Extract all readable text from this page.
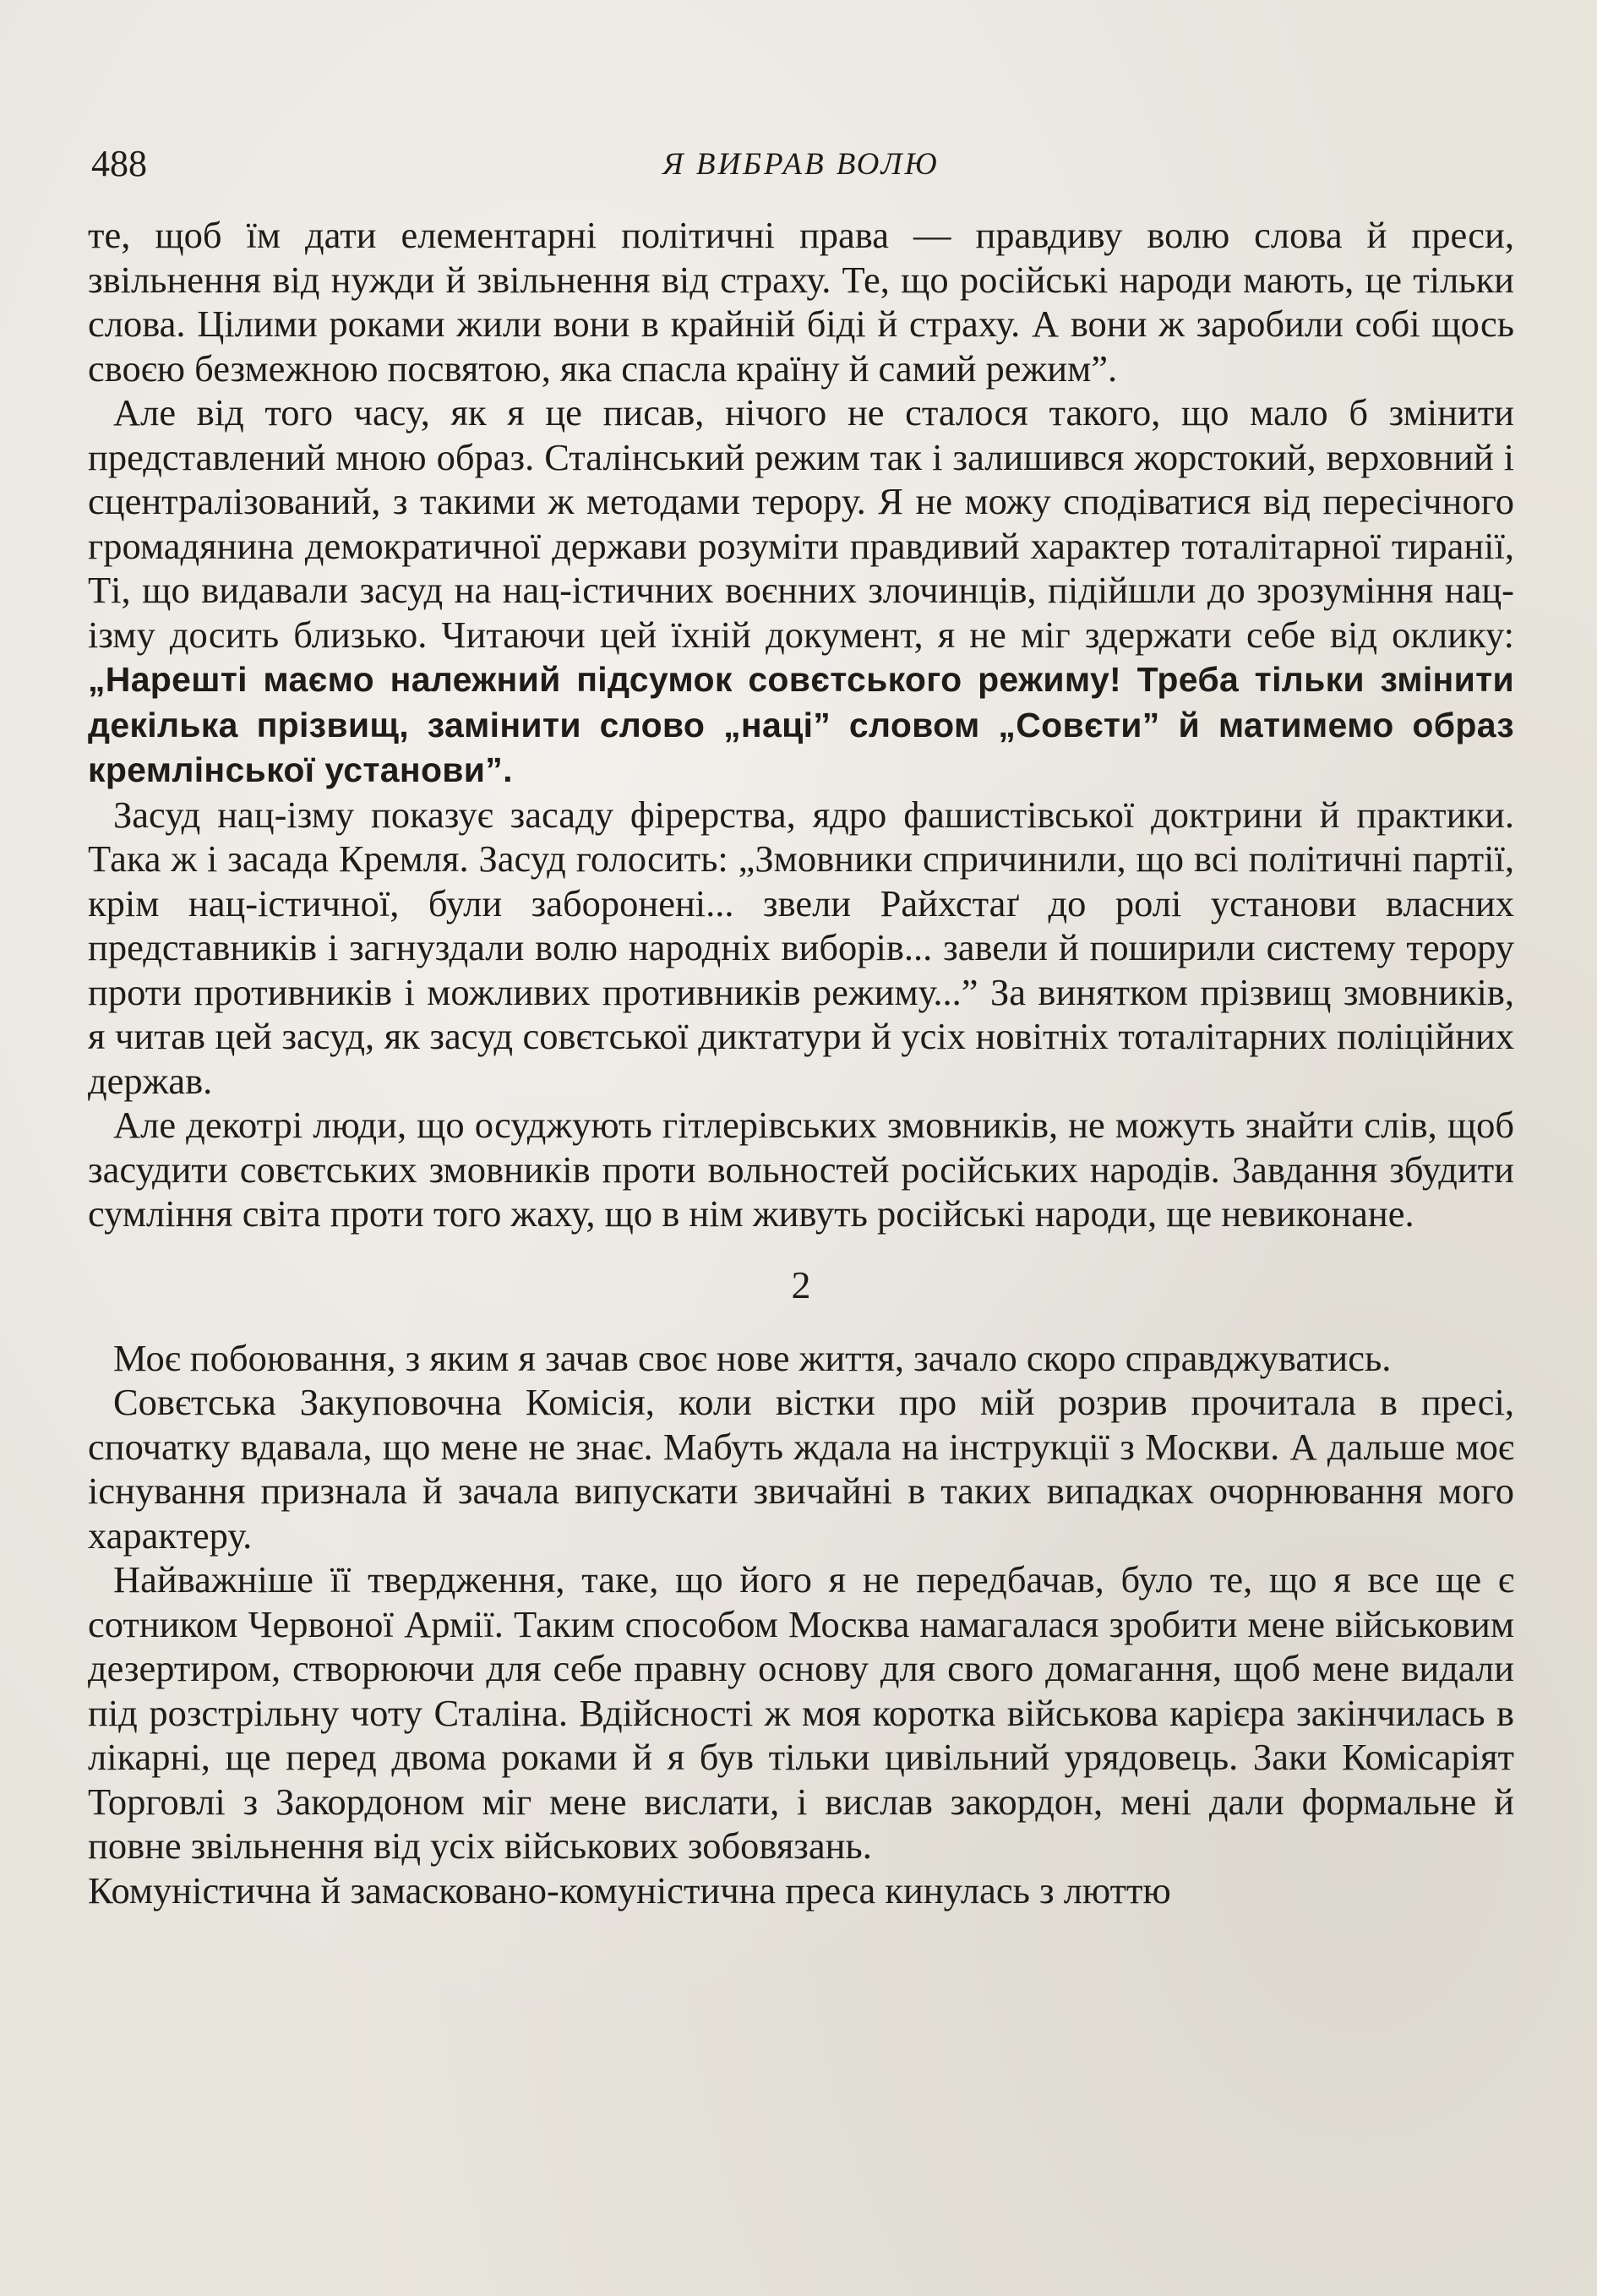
488	Я ВИБРАВ ВОЛЮ

те, щоб їм дати елементарні політичні права — правдиву волю слова й преси, звільнення від нужди й звільнення від страху. Те, що російські народи мають, це тільки слова. Цілими роками жили вони в крайній біді й страху. А вони ж заробили собі щось своєю безмежною посвятою, яка спасла країну й самий режим”.

Але від того часу, як я це писав, нічого не сталося такого, що мало б змінити представлений мною образ. Сталінський режим так і залишився жорстокий, верховний і сцентралізований, з такими ж методами терору. Я не можу сподіватися від пересічного громадянина демократичної держави розуміти правдивий характер тоталітарної тиранії, Ті, що видавали засуд на нац-істичних воєнних злочинців, підійшли до зрозуміння нац-ізму досить близько. Читаючи цей їхній документ, я не міг здержати себе від оклику: „Нарешті маємо належний підсумок совєтського режиму! Треба тільки змінити декілька прізвищ, замінити слово „наці” словом „Совєти” й матимемо образ кремлінської установи”.

Засуд нац-ізму показує засаду фірерства, ядро фашистівської доктрини й практики. Така ж і засада Кремля. Засуд голосить: „Змовники спричинили, що всі політичні партії, крім нац-істичної, були заборонені... звели Райхстаґ до ролі установи власних представників і загнуздали волю народніх виборів... завели й поширили систему терору проти противників і можливих противників режиму...” За винятком прізвищ змовників, я читав цей засуд, як засуд совєтської диктатури й усіх новітніх тоталітарних поліційних держав.

Але декотрі люди, що осуджують гітлерівських змовників, не можуть знайти слів, щоб засудити совєтських змовників проти вольностей російських народів. Завдання збудити сумління світа проти того жаху, що в нім живуть російські народи, ще невиконане.

2

Моє побоювання, з яким я зачав своє нове життя, зачало скоро справджуватись.

Совєтська Закуповочна Комісія, коли вістки про мій розрив прочитала в пресі, спочатку вдавала, що мене не знає. Мабуть ждала на інструкції з Москви. А дальше моє існування признала й зачала випускати звичайні в таких випадках очорнювання мого характеру.

Найважніше її твердження, таке, що його я не передбачав, було те, що я все ще є сотником Червоної Армії. Таким способом Москва намагалася зробити мене військовим дезертиром, створюючи для себе правну основу для свого домагання, щоб мене видали під розстрільну чоту Сталіна. Вдійсності ж моя коротка військова карієра закінчилась в лікарні, ще перед двома роками й я був тільки цивільний урядовець. Заки Комісаріят Торговлі з Закордоном міг мене вислати, і вислав закордон, мені дали формальне й повне звільнення від усіх військових зобовязань.

Комуністична й замасковано-комуністична преса кинулась з люттю
